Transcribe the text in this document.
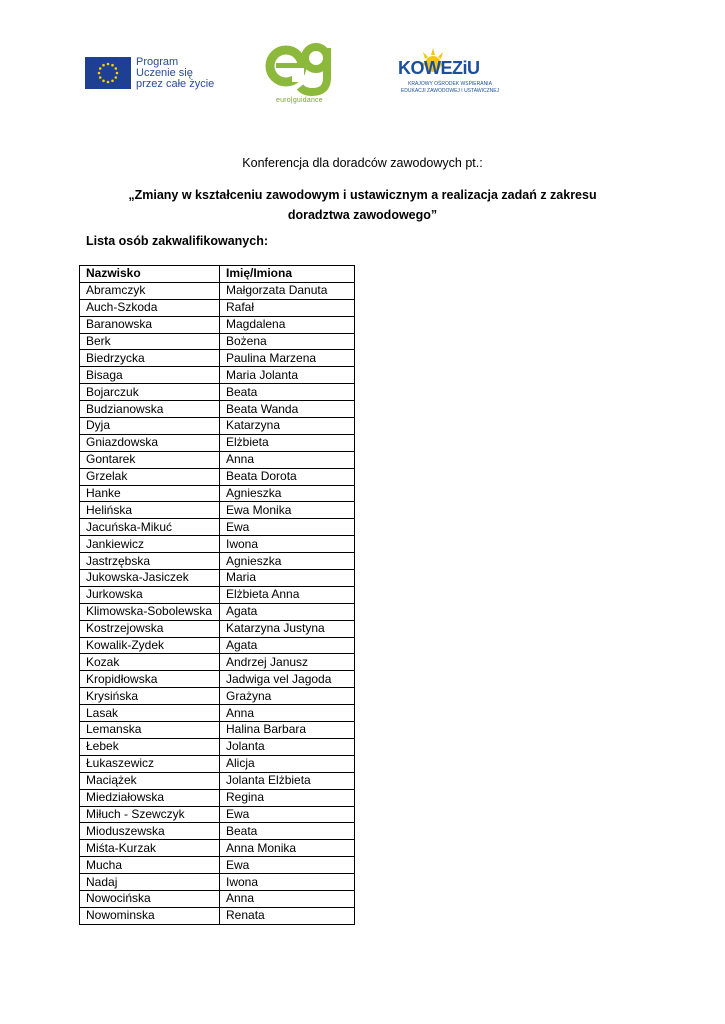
Program
Uczenie się
przez całe życie
euro|guidance
KOWEZiU
KRAJOWY OŚRODEK WSPIERANIA
EDUKACJI ZAWODOWEJ I USTAWICZNEJ
Konferencja dla doradców zawodowych pt.:
„Zmiany w kształceniu zawodowym i ustawicznym a realizacja zadań z zakresu doradztwa zawodowego”
Lista osób zakwalifikowanych:
Nazwisko	Imię/Imiona
Abramczyk	Małgorzata Danuta
Auch-Szkoda	Rafał
Baranowska	Magdalena
Berk	Bożena
Biedrzycka	Paulina Marzena
Bisaga	Maria Jolanta
Bojarczuk	Beata
Budzianowska	Beata Wanda
Dyja	Katarzyna
Gniazdowska	Elżbieta
Gontarek	Anna
Grzelak	Beata Dorota
Hanke	Agnieszka
Helińska	Ewa Monika
Jacuńska-Mikuć	Ewa
Jankiewicz	Iwona
Jastrzębska	Agnieszka
Jukowska-Jasiczek	Maria
Jurkowska	Elżbieta Anna
Klimowska-Sobolewska	Agata
Kostrzejowska	Katarzyna Justyna
Kowalik-Zydek	Agata
Kozak	Andrzej Janusz
Kropidłowska	Jadwiga vel Jagoda
Krysińska	Grażyna
Lasak	Anna
Lemanska	Halina Barbara
Łebek	Jolanta
Łukaszewicz	Alicja
Maciążek	Jolanta Elżbieta
Miedziałowska	Regina
Miłuch - Szewczyk	Ewa
Mioduszewska	Beata
Miśta-Kurzak	Anna Monika
Mucha	Ewa
Nadaj	Iwona
Nowocińska	Anna
Nowominska	Renata
